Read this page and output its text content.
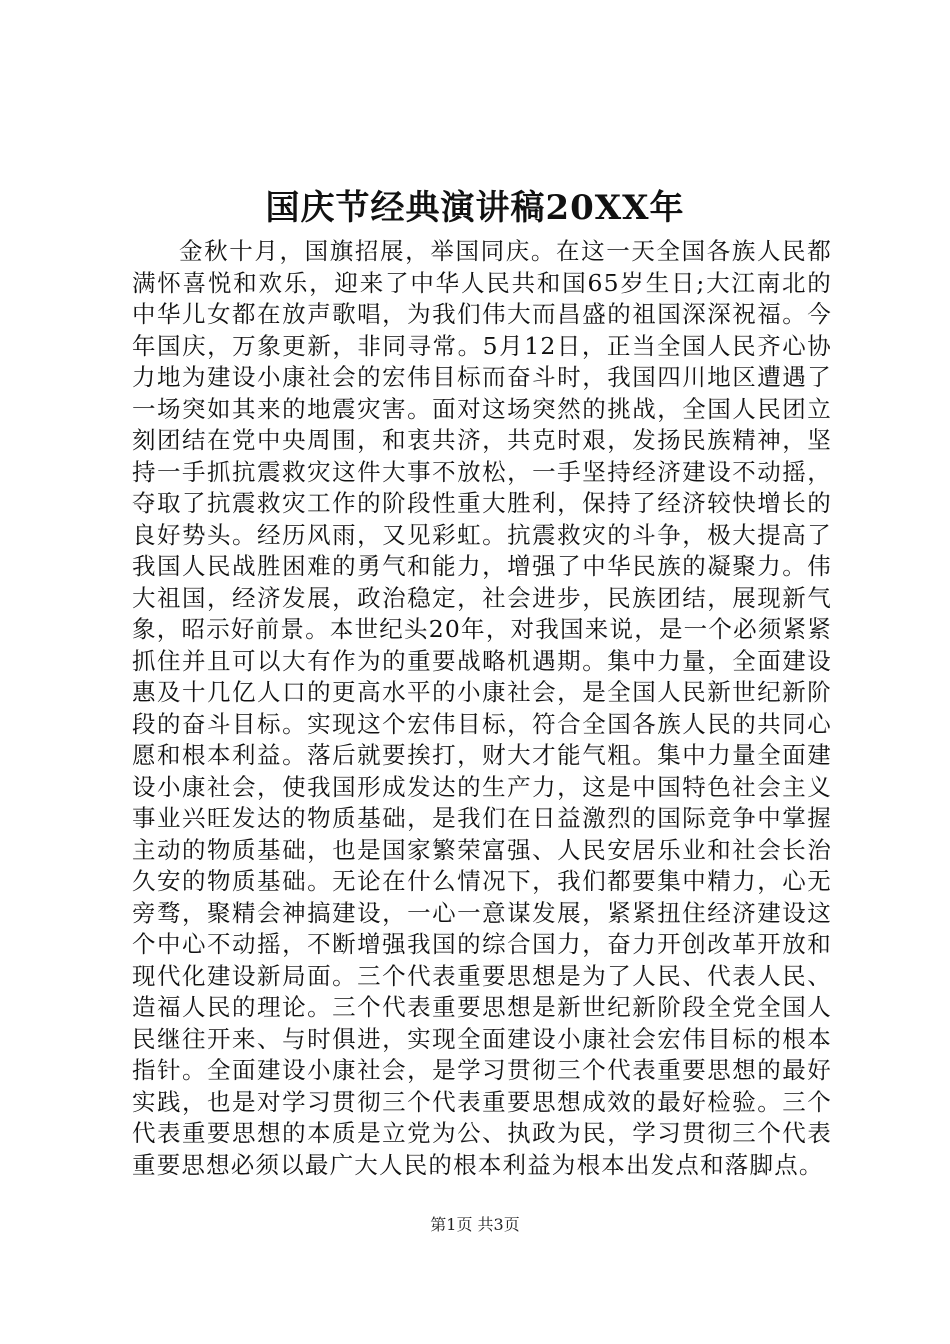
国庆节经典演讲稿20XX年

金秋十月，国旗招展，举国同庆。在这一天全国各族人民都满怀喜悦和欢乐，迎来了中华人民共和国65岁生日;大江南北的中华儿女都在放声歌唱，为我们伟大而昌盛的祖国深深祝福。今年国庆，万象更新，非同寻常。5月12日，正当全国人民齐心协力地为建设小康社会的宏伟目标而奋斗时，我国四川地区遭遇了一场突如其来的地震灾害。面对这场突然的挑战，全国人民团立刻团结在党中央周围，和衷共济，共克时艰，发扬民族精神，坚持一手抓抗震救灾这件大事不放松，一手坚持经济建设不动摇，夺取了抗震救灾工作的阶段性重大胜利，保持了经济较快增长的良好势头。经历风雨，又见彩虹。抗震救灾的斗争，极大提高了我国人民战胜困难的勇气和能力，增强了中华民族的凝聚力。伟大祖国，经济发展，政治稳定，社会进步，民族团结，展现新气象，昭示好前景。本世纪头20年，对我国来说，是一个必须紧紧抓住并且可以大有作为的重要战略机遇期。集中力量，全面建设惠及十几亿人口的更高水平的小康社会，是全国人民新世纪新阶段的奋斗目标。实现这个宏伟目标，符合全国各族人民的共同心愿和根本利益。落后就要挨打，财大才能气粗。集中力量全面建设小康社会，使我国形成发达的生产力，这是中国特色社会主义事业兴旺发达的物质基础，是我们在日益激烈的国际竞争中掌握主动的物质基础，也是国家繁荣富强、人民安居乐业和社会长治久安的物质基础。无论在什么情况下，我们都要集中精力，心无旁骛，聚精会神搞建设，一心一意谋发展，紧紧扭住经济建设这个中心不动摇，不断增强我国的综合国力，奋力开创改革开放和现代化建设新局面。三个代表重要思想是为了人民、代表人民、造福人民的理论。三个代表重要思想是新世纪新阶段全党全国人民继往开来、与时俱进，实现全面建设小康社会宏伟目标的根本指针。全面建设小康社会，是学习贯彻三个代表重要思想的最好实践，也是对学习贯彻三个代表重要思想成效的最好检验。三个代表重要思想的本质是立党为公、执政为民，学习贯彻三个代表重要思想必须以最广大人民的根本利益为根本出发点和落脚点。

第1页 共3页
